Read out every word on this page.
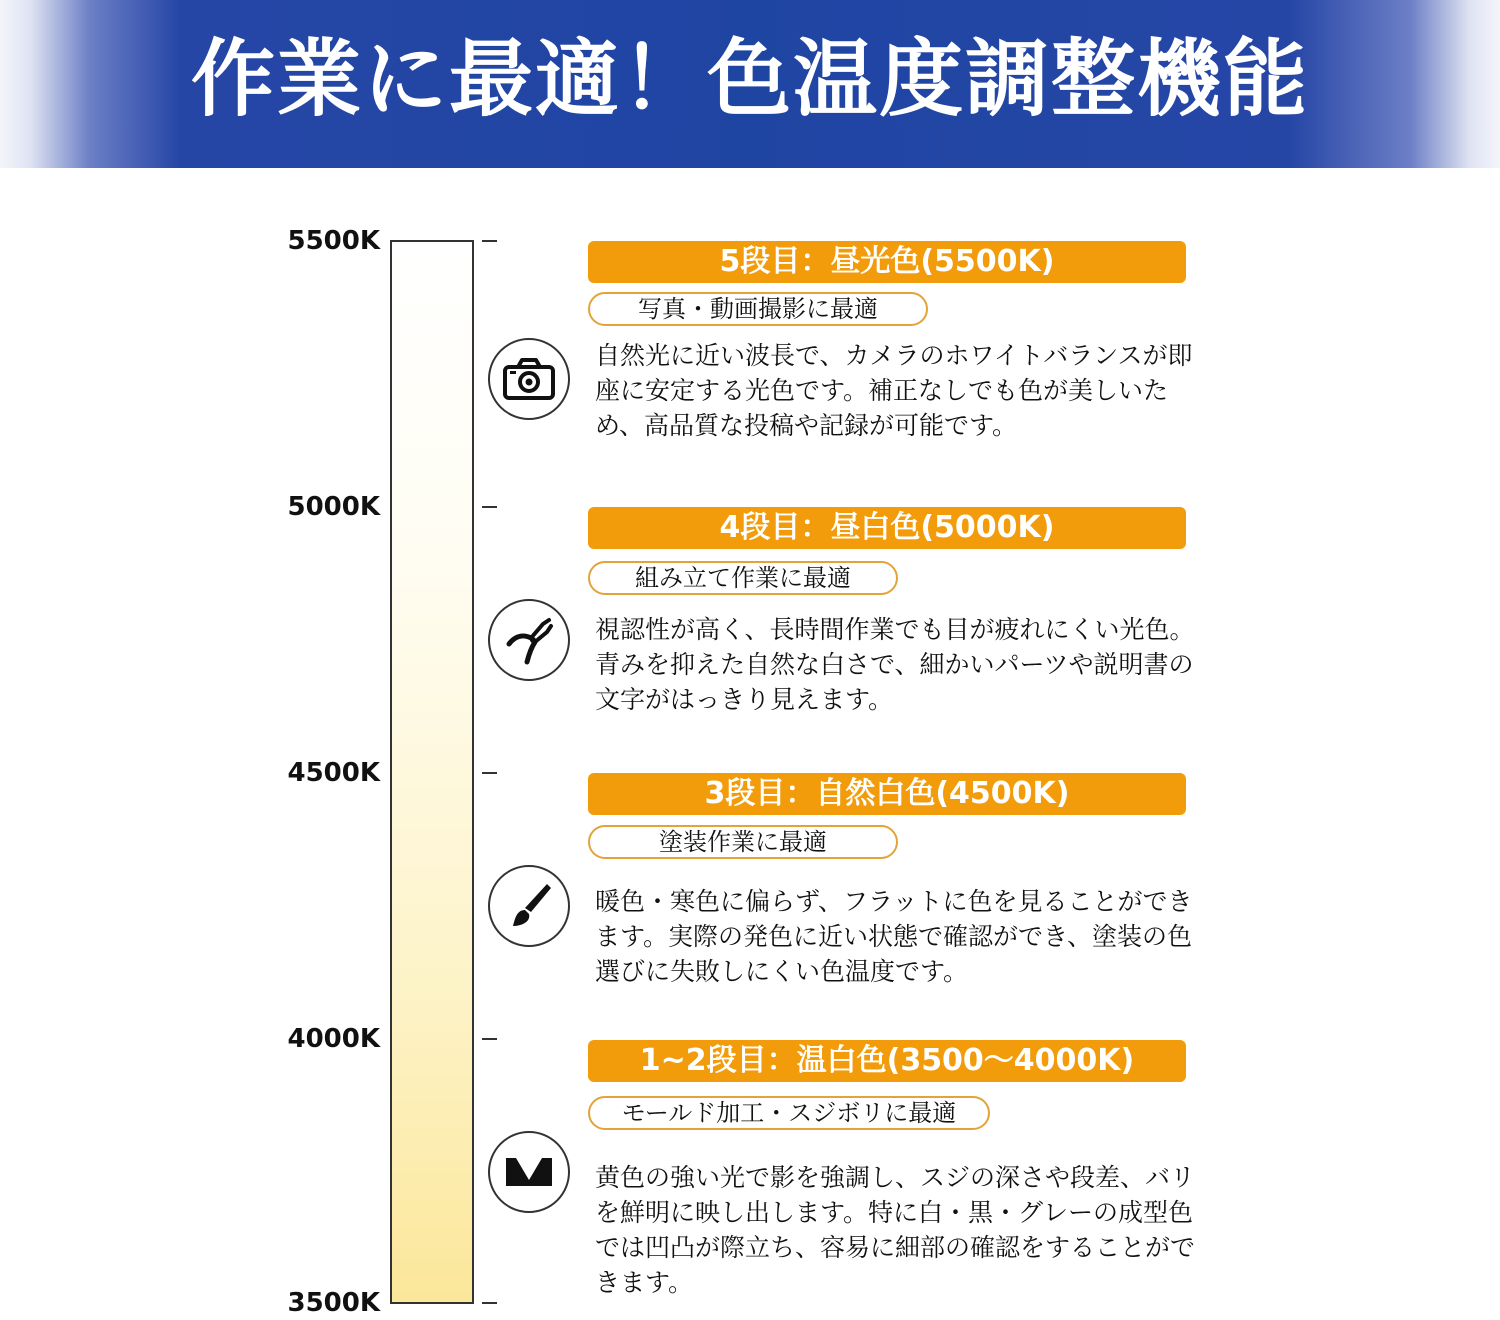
作業に最適！色温度調整機能
5500K
5000K
4500K
4000K
3500K
5段目：昼光色(5500K)
写真・動画撮影に最適
自然光に近い波長で、カメラのホワイトバランスが即座に安定する光色です。補正なしでも色が美しいため、高品質な投稿や記録が可能です。
4段目：昼白色(5000K)
組み立て作業に最適
視認性が高く、長時間作業でも目が疲れにくい光色。青みを抑えた自然な白さで、細かいパーツや説明書の文字がはっきり見えます。
3段目：自然白色(4500K)
塗装作業に最適
暖色・寒色に偏らず、フラットに色を見ることができます。実際の発色に近い状態で確認ができ、塗装の色選びに失敗しにくい色温度です。
1~2段目：温白色(3500～4000K)
モールド加工・スジボリに最適
黄色の強い光で影を強調し、スジの深さや段差、バリを鮮明に映し出します。特に白・黒・グレーの成型色では凹凸が際立ち、容易に細部の確認をすることができます。
